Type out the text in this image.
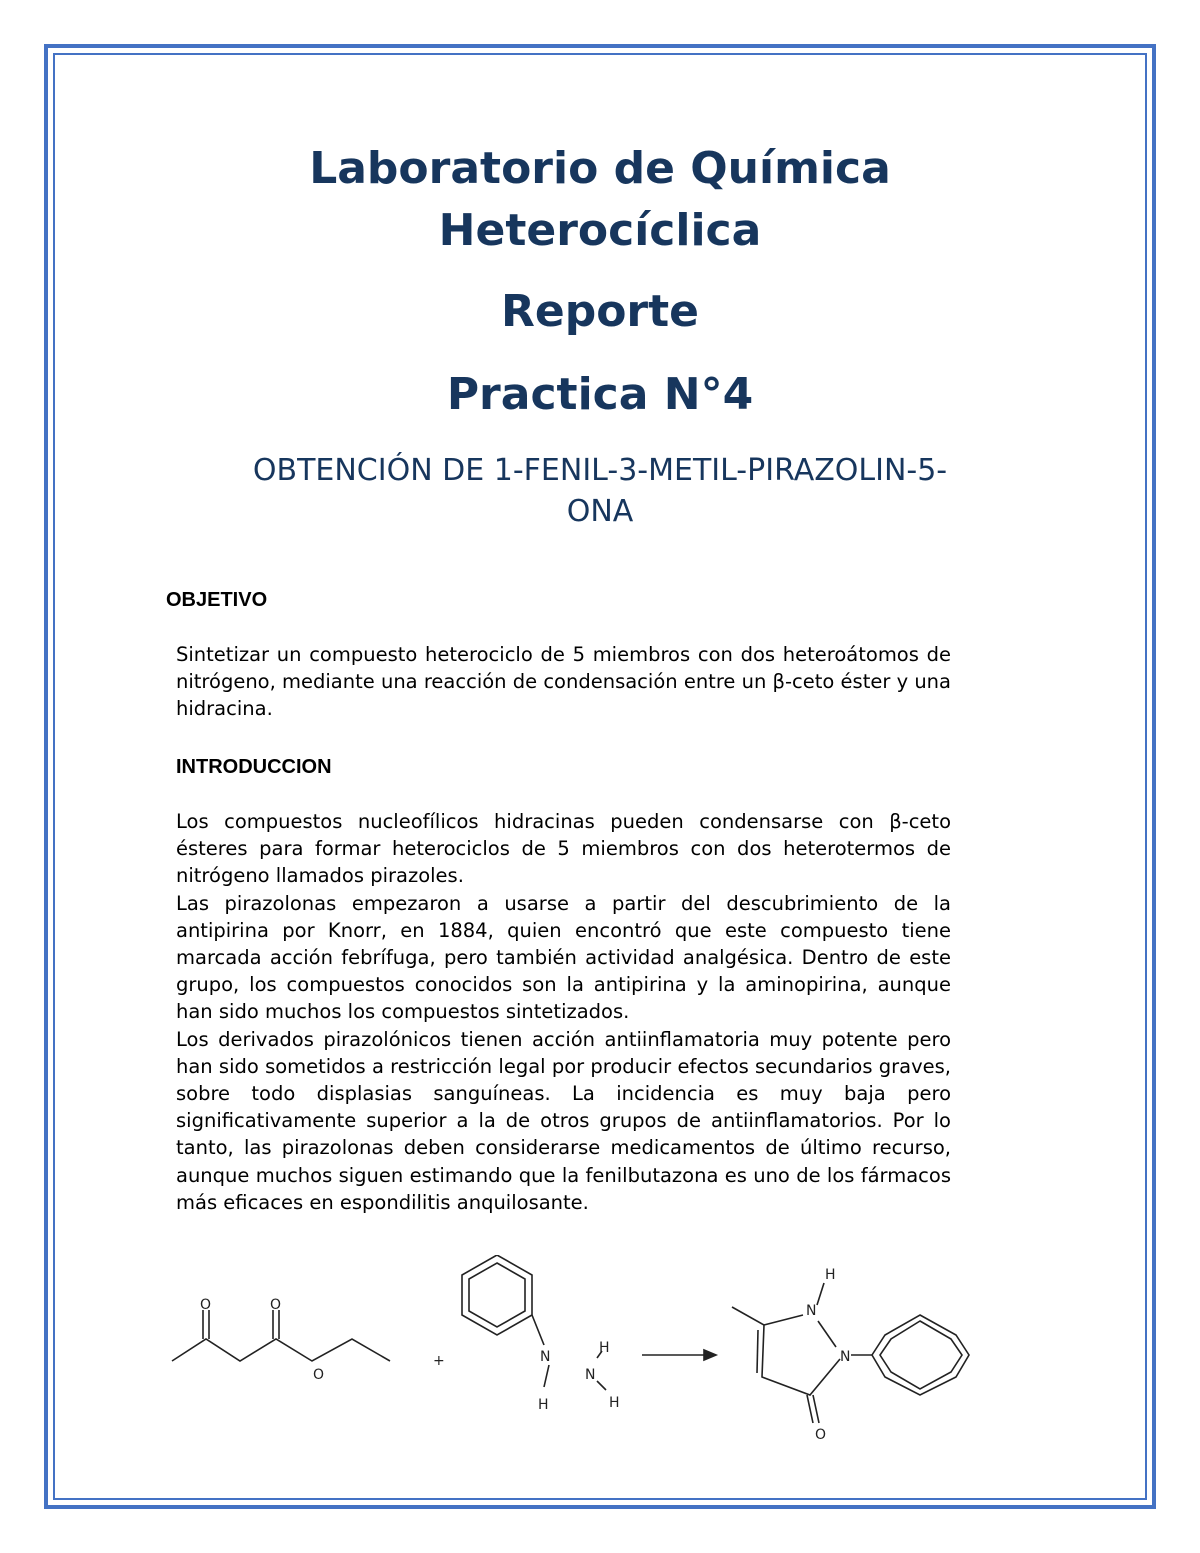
Laboratorio de Química
Heterocíclica
Reporte
Practica N°4
OBTENCIÓN DE 1-FENIL-3-METIL-PIRAZOLIN-5-
ONA
OBJETIVO

Sintetizar un compuesto heterociclo de 5 miembros con dos heteroátomos de nitrógeno, mediante una reacción de condensación entre un β-ceto éster y una hidracina.

INTRODUCCION

Los compuestos nucleofílicos hidracinas pueden condensarse con β-ceto ésteres para formar heterociclos de 5 miembros con dos heterotermos de nitrógeno llamados pirazoles.

Las pirazolonas empezaron a usarse a partir del descubrimiento de la antipirina por Knorr, en 1884, quien encontró que este compuesto tiene marcada acción febrífuga, pero también actividad analgésica. Dentro de este grupo, los compuestos conocidos son la antipirina y la aminopirina, aunque han sido muchos los compuestos sintetizados.

Los derivados pirazolónicos tienen acción antiinflamatoria muy potente pero han sido sometidos a restricción legal por producir efectos secundarios graves, sobre todo displasias sanguíneas. La incidencia es muy baja pero significativamente superior a la de otros grupos de antiinflamatorios. Por lo tanto, las pirazolonas deben considerarse medicamentos de último recurso, aunque muchos siguen estimando que la fenilbutazona es uno de los fármacos más eficaces en espondilitis anquilosante.

O	O
O
+	N
H
H
N
H
H
N
N
O
